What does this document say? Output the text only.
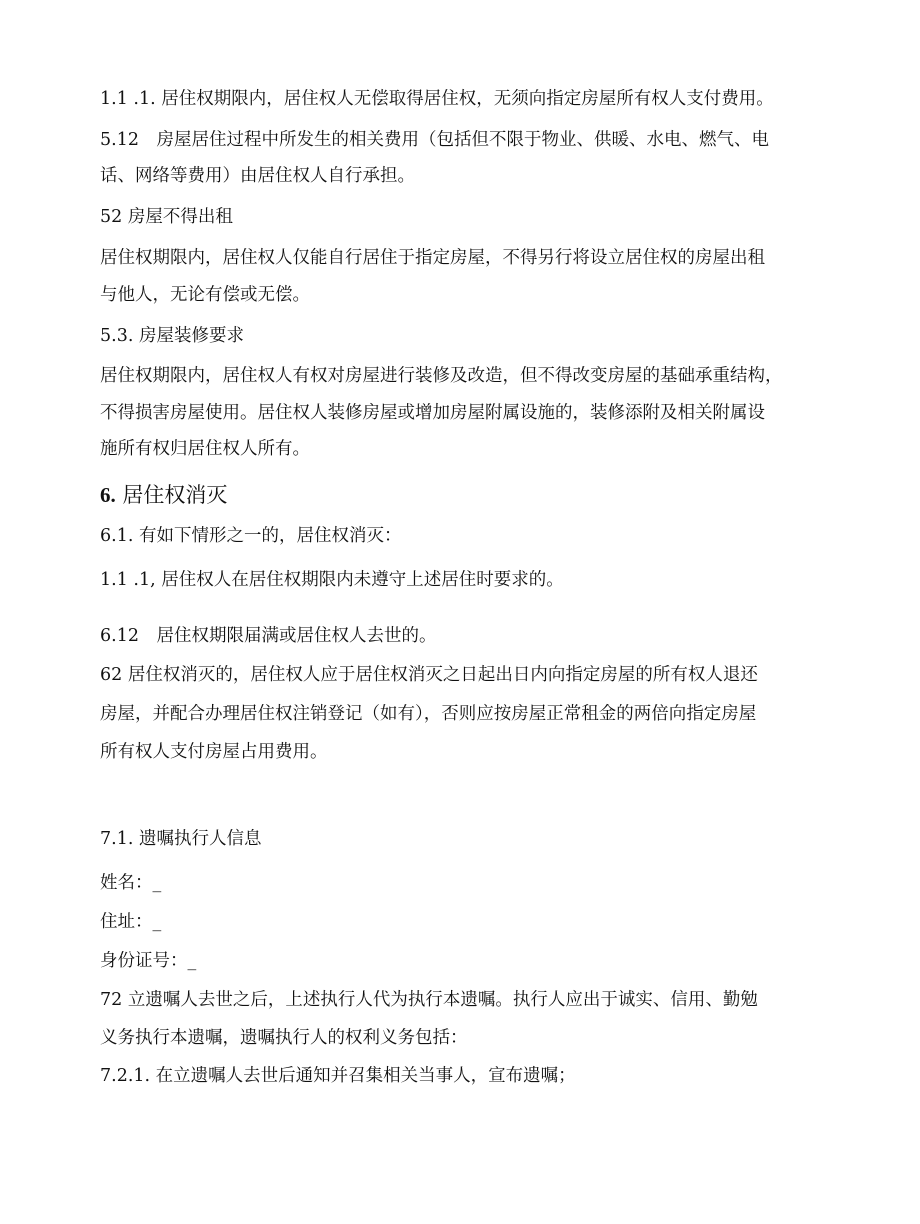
1.1 .1. 居住权期限内，居住权人无偿取得居住权，无须向指定房屋所有权人支付费用。

5.12　房屋居住过程中所发生的相关费用（包括但不限于物业、供暖、水电、燃气、电

话、网络等费用）由居住权人自行承担。

52 房屋不得出租

居住权期限内，居住权人仅能自行居住于指定房屋，不得另行将设立居住权的房屋出租

与他人，无论有偿或无偿。

5.3. 房屋装修要求

居住权期限内，居住权人有权对房屋进行装修及改造，但不得改变房屋的基础承重结构，

不得损害房屋使用。居住权人装修房屋或增加房屋附属设施的，装修添附及相关附属设

施所有权归居住权人所有。

6. 居住权消灭

6.1. 有如下情形之一的，居住权消灭：

1.1 .1, 居住权人在居住权期限内未遵守上述居住时要求的。

6.12　居住权期限届满或居住权人去世的。

62 居住权消灭的，居住权人应于居住权消灭之日起出日内向指定房屋的所有权人退还

房屋，并配合办理居住权注销登记（如有），否则应按房屋正常租金的两倍向指定房屋

所有权人支付房屋占用费用。

7.1. 遗嘱执行人信息

姓名：_

住址：_

身份证号：_

72 立遗嘱人去世之后，上述执行人代为执行本遗嘱。执行人应出于诚实、信用、勤勉

义务执行本遗嘱，遗嘱执行人的权利义务包括：

7.2.1. 在立遗嘱人去世后通知并召集相关当事人，宣布遗嘱；
